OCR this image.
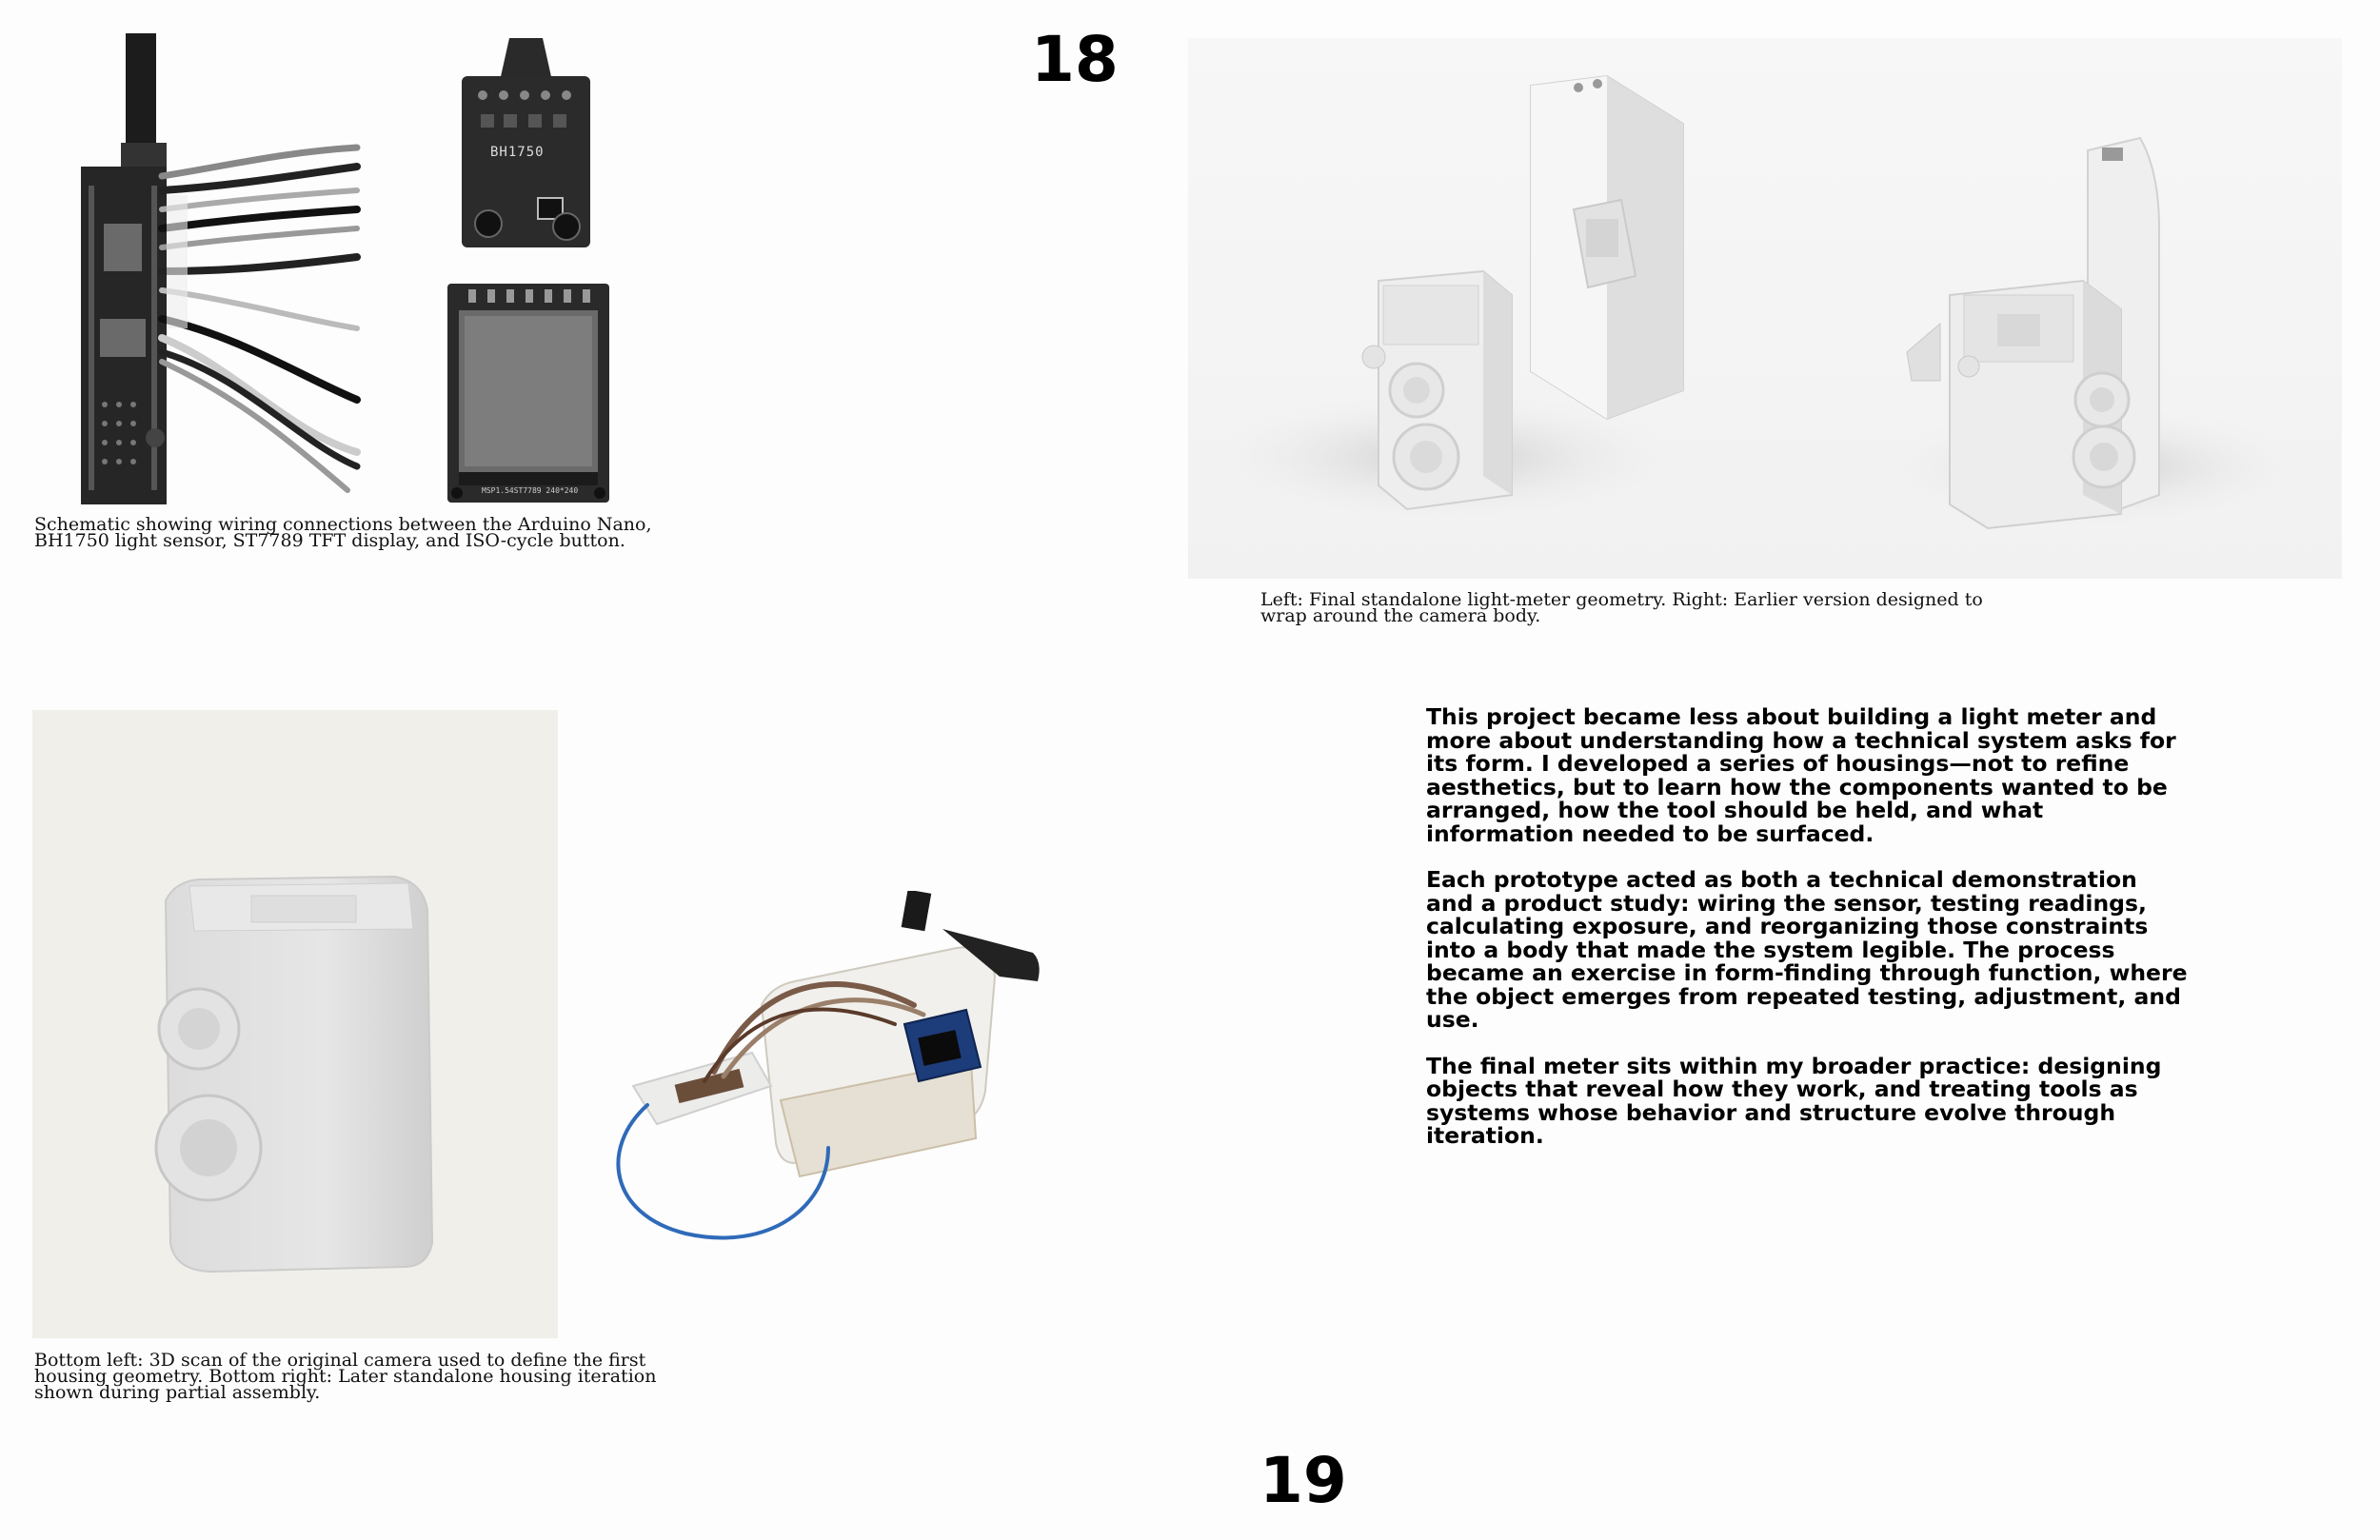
18
BH1750
MSP1.54ST7789 240*240
Schematic showing wiring connections between the Arduino Nano, BH1750 light sensor, ST7789 TFT display, and ISO-cycle button.
Left: Final standalone light-meter geometry. Right: Earlier version designed to wrap around the camera body.
Bottom left: 3D scan of the original camera used to define the first housing geometry. Bottom right: Later standalone housing iteration shown during partial assembly.

This project became less about building a light meter and more about understanding how a technical system asks for its form. I developed a series of housings—not to refine aesthetics, but to learn how the components wanted to be arranged, how the tool should be held, and what information needed to be surfaced.

Each prototype acted as both a technical demonstration and a product study: wiring the sensor, testing readings, calculating exposure, and reorganizing those constraints into a body that made the system legible. The process became an exercise in form-finding through function, where the object emerges from repeated testing, adjustment, and use.

The final meter sits within my broader practice: designing objects that reveal how they work, and treating tools as systems whose behavior and structure evolve through iteration.

19
